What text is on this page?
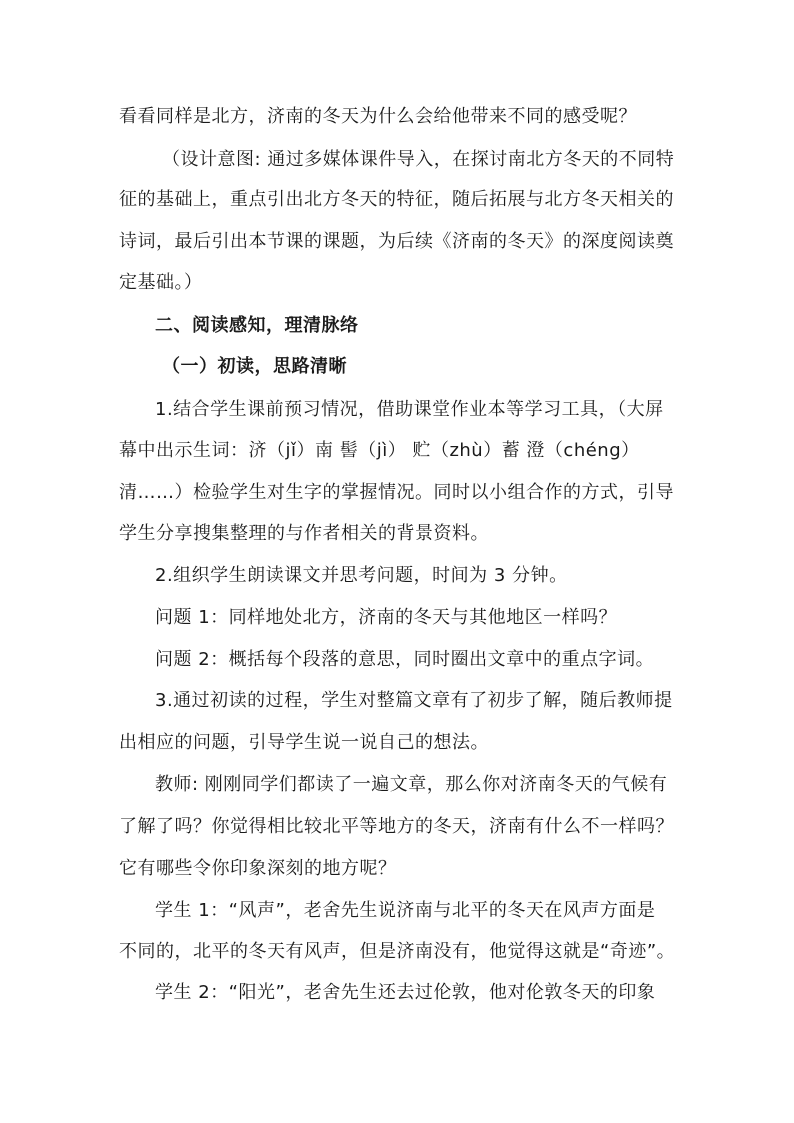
看看同样是北方，济南的冬天为什么会给他带来不同的感受呢？
（设计意图: 通过多媒体课件导入，在探讨南北方冬天的不同特
征的基础上，重点引出北方冬天的特征，随后拓展与北方冬天相关的
诗词，最后引出本节课的课题，为后续《济南的冬天》的深度阅读奠
定基础。）
二、阅读感知，理清脉络
（一）初读，思路清晰
1.结合学生课前预习情况，借助课堂作业本等学习工具，（大屏
幕中出示生词：济（jǐ）南 髻（jì） 贮（zhù）蓄 澄（chéng）
清……）检验学生对生字的掌握情况。同时以小组合作的方式，引导
学生分享搜集整理的与作者相关的背景资料。
2.组织学生朗读课文并思考问题，时间为 3 分钟。
问题 1：同样地处北方，济南的冬天与其他地区一样吗？
问题 2：概括每个段落的意思，同时圈出文章中的重点字词。
3.通过初读的过程，学生对整篇文章有了初步了解，随后教师提
出相应的问题，引导学生说一说自己的想法。
教师: 刚刚同学们都读了一遍文章，那么你对济南冬天的气候有
了解了吗？你觉得相比较北平等地方的冬天，济南有什么不一样吗？
它有哪些令你印象深刻的地方呢？
学生 1：“风声”，老舍先生说济南与北平的冬天在风声方面是
不同的，北平的冬天有风声，但是济南没有，他觉得这就是“奇迹”。
学生 2：“阳光”，老舍先生还去过伦敦，他对伦敦冬天的印象
